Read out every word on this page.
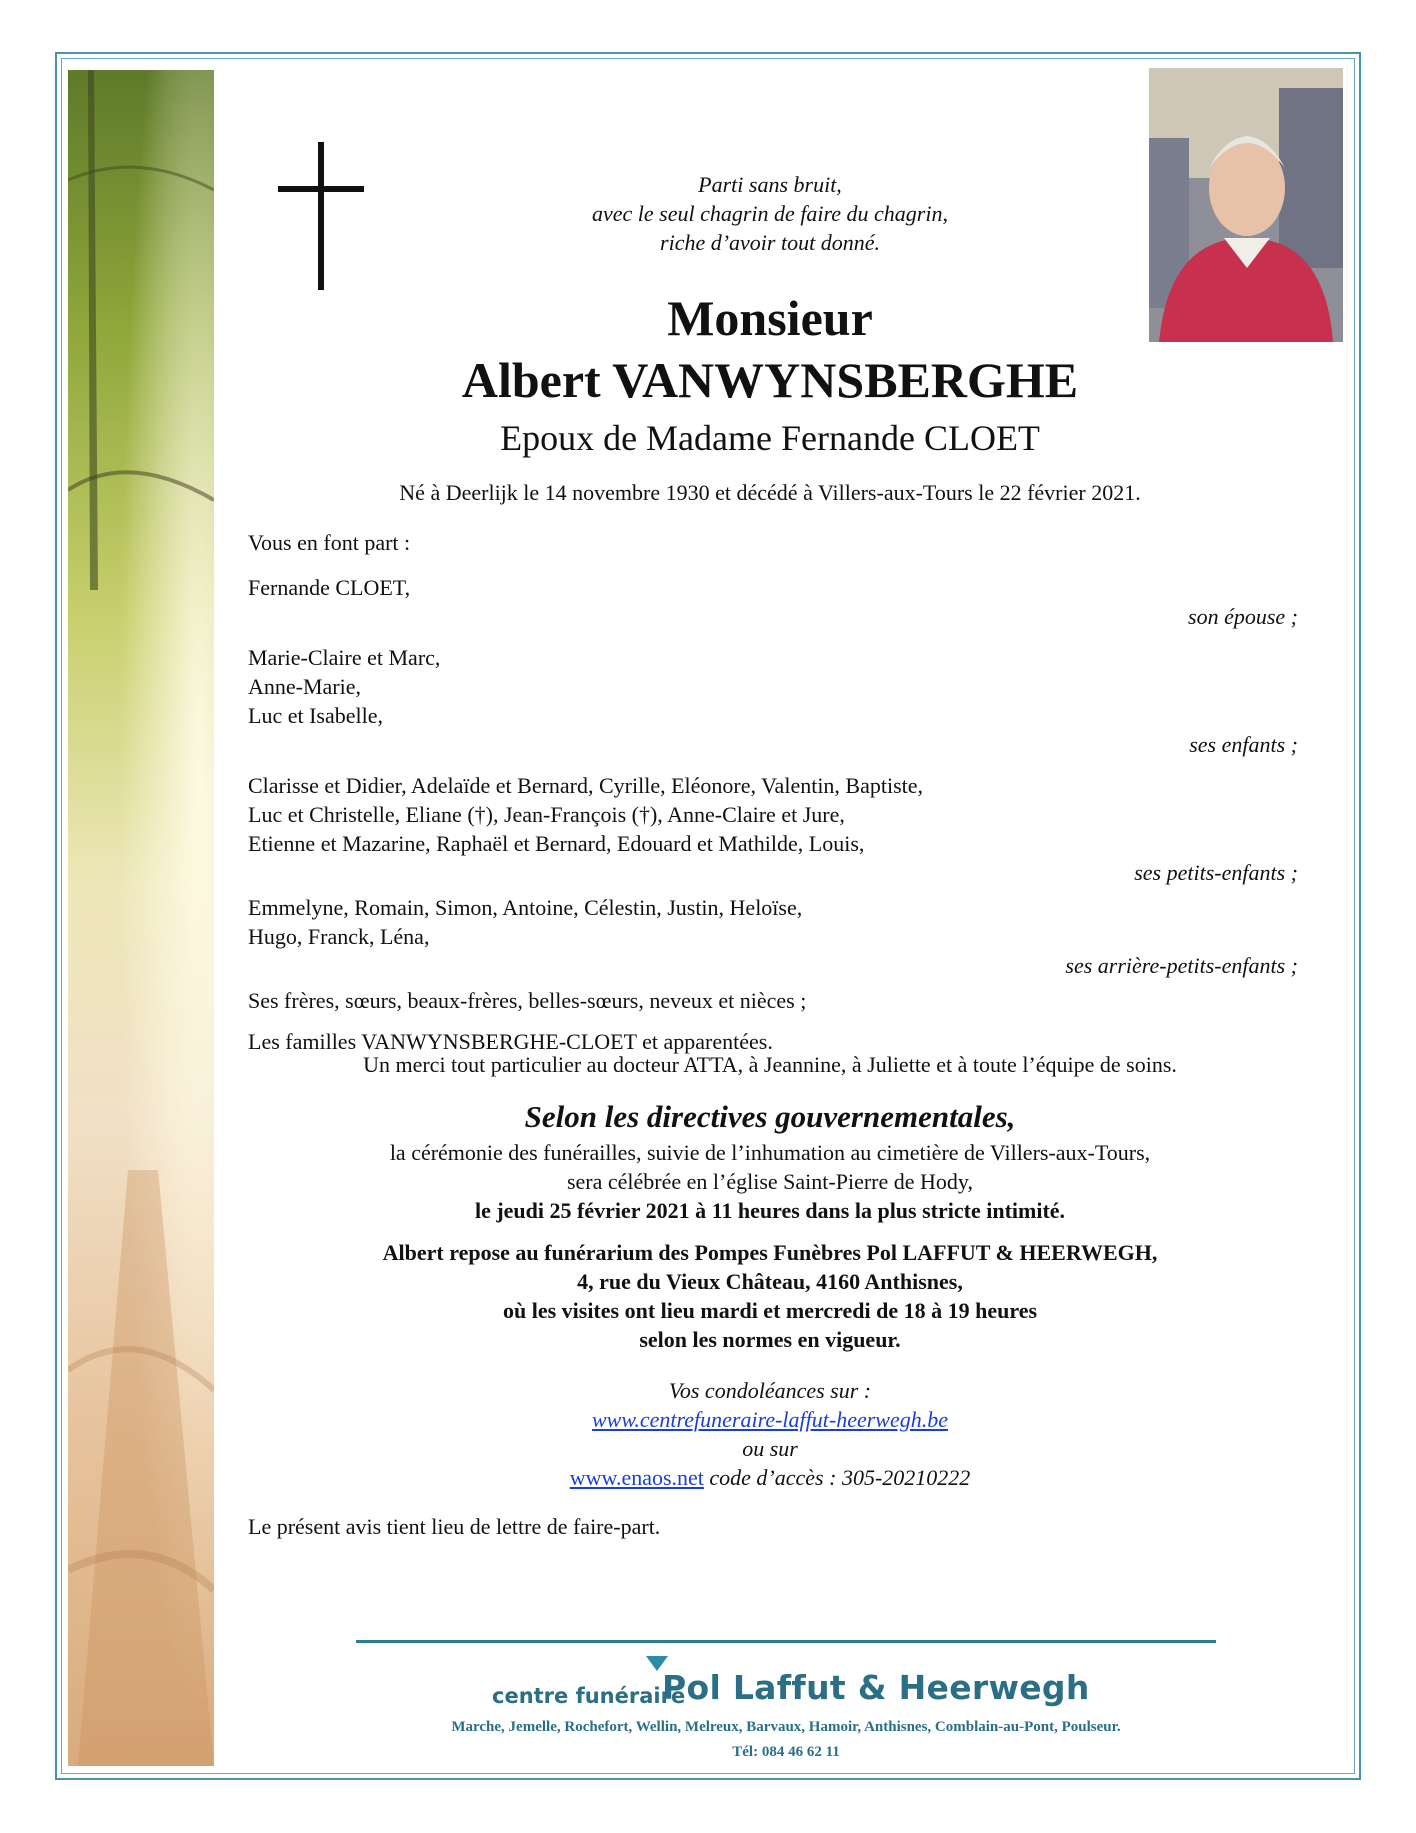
Parti sans bruit,
avec le seul chagrin de faire du chagrin,
riche d’avoir tout donné.
Monsieur
Albert VANWYNSBERGHE
Epoux de Madame Fernande CLOET
Né à Deerlijk le 14 novembre 1930 et décédé à Villers-aux-Tours le 22 février 2021.
Vous en font part :
Fernande CLOET,
son épouse ;
Marie-Claire et Marc,
Anne-Marie,
Luc et Isabelle,
ses enfants ;
Clarisse et Didier, Adelaïde et Bernard, Cyrille, Eléonore, Valentin, Baptiste,
Luc et Christelle, Eliane (†), Jean-François (†), Anne-Claire et Jure,
Etienne et Mazarine, Raphaël et Bernard, Edouard et Mathilde, Louis,
ses petits-enfants ;
Emmelyne, Romain, Simon, Antoine, Célestin, Justin, Heloïse,
Hugo, Franck, Léna,
ses arrière-petits-enfants ;
Ses frères, sœurs, beaux-frères, belles-sœurs, neveux et nièces ;
Les familles VANWYNSBERGHE-CLOET et apparentées.
Un merci tout particulier au docteur ATTA, à Jeannine, à Juliette et à toute l’équipe de soins.
Selon les directives gouvernementales,
la cérémonie des funérailles, suivie de l’inhumation au cimetière de Villers-aux-Tours,
sera célébrée en l’église Saint-Pierre de Hody,
le jeudi 25 février 2021 à 11 heures dans la plus stricte intimité.
Albert repose au funérarium des Pompes Funèbres Pol LAFFUT & HEERWEGH,
4, rue du Vieux Château, 4160 Anthisnes,
où les visites ont lieu mardi et mercredi de 18 à 19 heures
selon les normes en vigueur.
Vos condoléances sur :
www.centrefuneraire-laffut-heerwegh.be
ou sur
www.enaos.net code d’accès : 305-20210222
Le présent avis tient lieu de lettre de faire-part.
centre funéraire
Pol Laffut & Heerwegh
Marche, Jemelle, Rochefort, Wellin, Melreux, Barvaux, Hamoir, Anthisnes, Comblain-au-Pont, Poulseur.
Tél: 084 46 62 11
